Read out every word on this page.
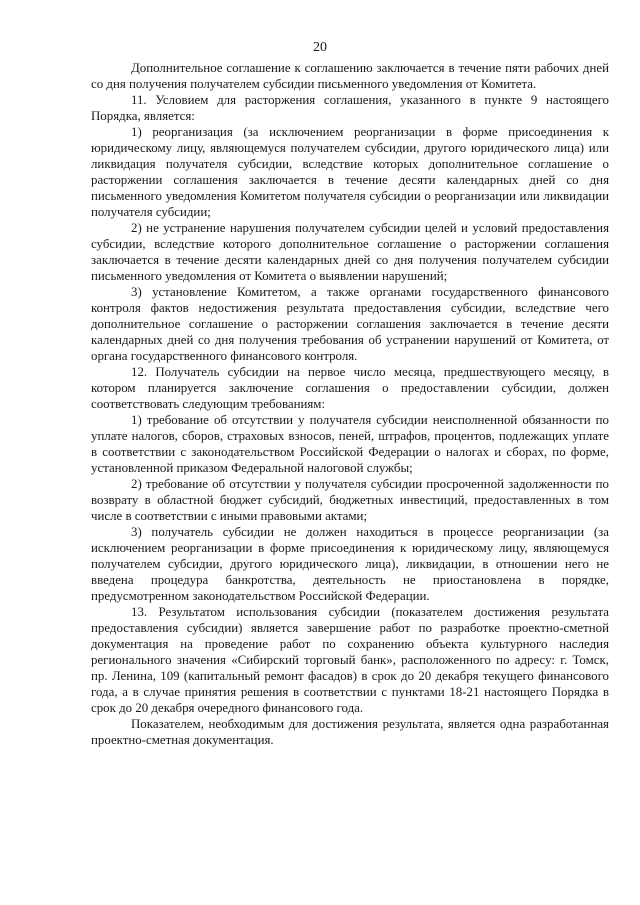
20

Дополнительное соглашение к соглашению заключается в течение пяти рабочих дней со дня получения получателем субсидии письменного уведомления от Комитета.

11. Условием для расторжения соглашения, указанного в пункте 9 настоящего Порядка, является:

1) реорганизация (за исключением реорганизации в форме присоединения к юридическому лицу, являющемуся получателем субсидии, другого юридического лица) или ликвидация получателя субсидии, вследствие которых дополнительное соглашение о расторжении соглашения заключается в течение десяти календарных дней со дня письменного уведомления Комитетом получателя субсидии о реорганизации или ликвидации получателя субсидии;

2) не устранение нарушения получателем субсидии целей и условий предоставления субсидии, вследствие которого дополнительное соглашение о расторжении соглашения заключается в течение десяти календарных дней со дня получения получателем субсидии письменного уведомления от Комитета о выявлении нарушений;

3) установление Комитетом, а также органами государственного финансового контроля фактов недостижения результата предоставления субсидии, вследствие чего дополнительное соглашение о расторжении соглашения заключается в течение десяти календарных дней со дня получения требования об устранении нарушений от Комитета, от органа государственного финансового контроля.

12. Получатель субсидии на первое число месяца, предшествующего месяцу, в котором планируется заключение соглашения о предоставлении субсидии, должен соответствовать следующим требованиям:

1) требование об отсутствии у получателя субсидии неисполненной обязанности по уплате налогов, сборов, страховых взносов, пеней, штрафов, процентов, подлежащих уплате в соответствии с законодательством Российской Федерации о налогах и сборах, по форме, установленной приказом Федеральной налоговой службы;

2) требование об отсутствии у получателя субсидии просроченной задолженности по возврату в областной бюджет субсидий, бюджетных инвестиций, предоставленных в том числе в соответствии с иными правовыми актами;

3) получатель субсидии не должен находиться в процессе реорганизации (за исключением реорганизации в форме присоединения к юридическому лицу, являющемуся получателем субсидии, другого юридического лица), ликвидации, в отношении него не введена процедура банкротства, деятельность не приостановлена в порядке, предусмотренном законодательством Российской Федерации.

13. Результатом использования субсидии (показателем достижения результата предоставления субсидии) является завершение работ по разработке проектно-сметной документация на проведение работ по сохранению объекта культурного наследия регионального значения «Сибирский торговый банк», расположенного по адресу: г. Томск, пр. Ленина, 109 (капитальный ремонт фасадов) в срок до 20 декабря текущего финансового года, а в случае принятия решения в соответствии с пунктами 18-21 настоящего Порядка в срок до 20 декабря очередного финансового года.

Показателем, необходимым для достижения результата, является одна разработанная проектно-сметная документация.
